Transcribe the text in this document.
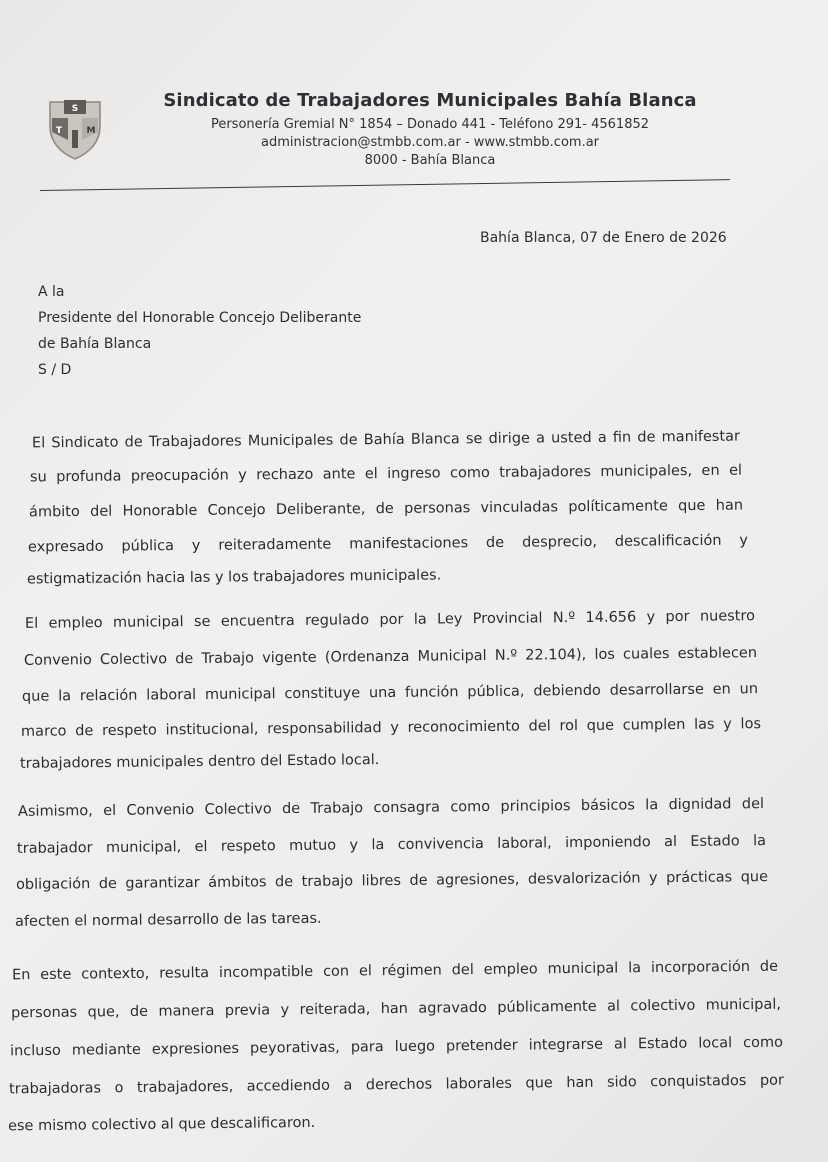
S
T	M
Sindicato de Trabajadores Municipales Bahía Blanca
Personería Gremial N° 1854 – Donado 441 - Teléfono 291- 4561852
administracion@stmbb.com.ar - www.stmbb.com.ar
8000 - Bahía Blanca
Bahía Blanca, 07 de Enero de 2026
A la
Presidente del Honorable Concejo Deliberante
de Bahía Blanca
S / D
El Sindicato de Trabajadores Municipales de Bahía Blanca se dirige a usted a fin de manifestar
su profunda preocupación y rechazo ante el ingreso como trabajadores municipales, en el
ámbito del Honorable Concejo Deliberante, de personas vinculadas políticamente que han
expresado pública y reiteradamente manifestaciones de desprecio, descalificación y
estigmatización hacia las y los trabajadores municipales.
El empleo municipal se encuentra regulado por la Ley Provincial N.º 14.656 y por nuestro
Convenio Colectivo de Trabajo vigente (Ordenanza Municipal N.º 22.104), los cuales establecen
que la relación laboral municipal constituye una función pública, debiendo desarrollarse en un
marco de respeto institucional, responsabilidad y reconocimiento del rol que cumplen las y los
trabajadores municipales dentro del Estado local.
Asimismo, el Convenio Colectivo de Trabajo consagra como principios básicos la dignidad del
trabajador municipal, el respeto mutuo y la convivencia laboral, imponiendo al Estado la
obligación de garantizar ámbitos de trabajo libres de agresiones, desvalorización y prácticas que
afecten el normal desarrollo de las tareas.
En este contexto, resulta incompatible con el régimen del empleo municipal la incorporación de
personas que, de manera previa y reiterada, han agravado públicamente al colectivo municipal,
incluso mediante expresiones peyorativas, para luego pretender integrarse al Estado local como
trabajadoras o trabajadores, accediendo a derechos laborales que han sido conquistados por
ese mismo colectivo al que descalificaron.
